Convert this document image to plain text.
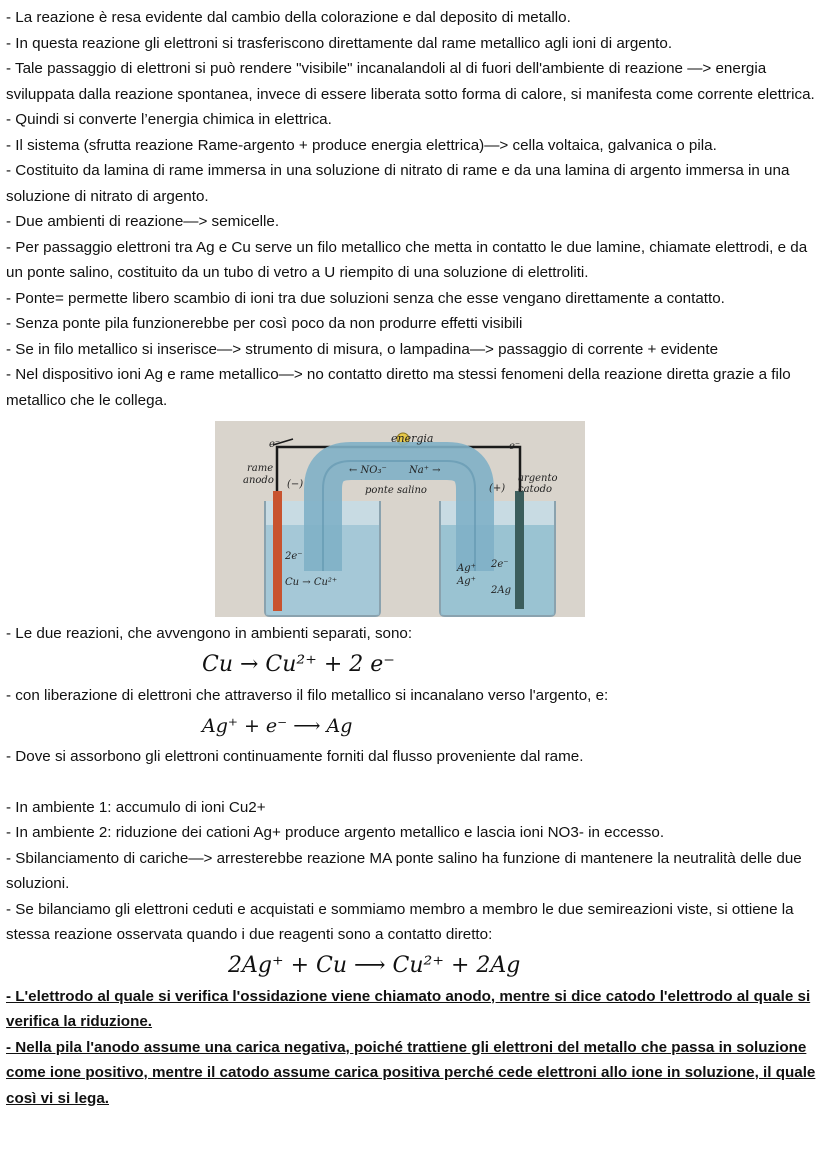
- La reazione è resa evidente dal cambio della colorazione e dal deposito di metallo.

- In questa reazione gli elettroni si trasferiscono direttamente dal rame metallico agli ioni di argento.

- Tale passaggio di elettroni si può rendere "visibile" incanalandoli al di fuori dell'ambiente di reazione —> energia sviluppata dalla reazione spontanea, invece di essere liberata sotto forma di calore, si manifesta come corrente elettrica.

- Quindi si converte l’energia chimica in elettrica.

- Il sistema (sfrutta reazione Rame-argento + produce energia elettrica)—> cella voltaica, galvanica o pila.

- Costituito da lamina di rame immersa in una soluzione di nitrato di rame e da una lamina di argento immersa in una soluzione di nitrato di argento.

- Due ambienti di reazione—> semicelle.

- Per passaggio elettroni tra Ag e Cu serve un filo metallico che metta in contatto le due lamine, chiamate elettrodi, e da un ponte salino, costituito da un tubo di vetro a U riempito di una soluzione di elettroliti.

- Ponte= permette libero scambio di ioni tra due soluzioni senza che esse vengano direttamente a contatto.

- Senza ponte pila funzionerebbe per così poco da non produrre effetti visibili

- Se in filo metallico si inserisce—> strumento di misura, o lampadina—> passaggio di corrente + evidente

- Nel dispositivo ioni Ag e rame metallico—> no contatto diretto ma stessi fenomeni della reazione diretta grazie a filo metallico che le collega.

energia
e⁻	e⁻
rame
anodo (−)
← NO₃⁻ Na⁺ →
ponte salino	(+)
argento
catodo
2e⁻
Cu → Cu²⁺
Ag⁺
Ag⁺
2e⁻
2Ag

- Le due reazioni, che avvengono in ambienti separati, sono:

Cu → Cu²⁺ + 2 e⁻

- con liberazione di elettroni che attraverso il filo metallico si incanalano verso l'argento, e:

Ag⁺ + e⁻ ⟶ Ag

- Dove si assorbono gli elettroni continuamente forniti dal flusso proveniente dal rame.

- In ambiente 1: accumulo di ioni Cu2+

- In ambiente 2: riduzione dei cationi Ag+ produce argento metallico e lascia ioni NO3- in eccesso.

- Sbilanciamento di cariche—> arresterebbe reazione MA ponte salino ha funzione di mantenere la neutralità delle due soluzioni.

- Se bilanciamo gli elettroni ceduti e acquistati e sommiamo membro a membro le due semireazioni viste, si ottiene la stessa reazione osservata quando i due reagenti sono a contatto diretto:

2Ag⁺ + Cu ⟶ Cu²⁺ + 2Ag

- L'elettrodo al quale si verifica l'ossidazione viene chiamato anodo, mentre si dice catodo l'elettrodo al quale si verifica la riduzione.

- Nella pila l'anodo assume una carica negativa, poiché trattiene gli elettroni del metallo che passa in soluzione come ione positivo, mentre il catodo assume carica positiva perché cede elettroni allo ione in soluzione, il quale così vi si lega.
